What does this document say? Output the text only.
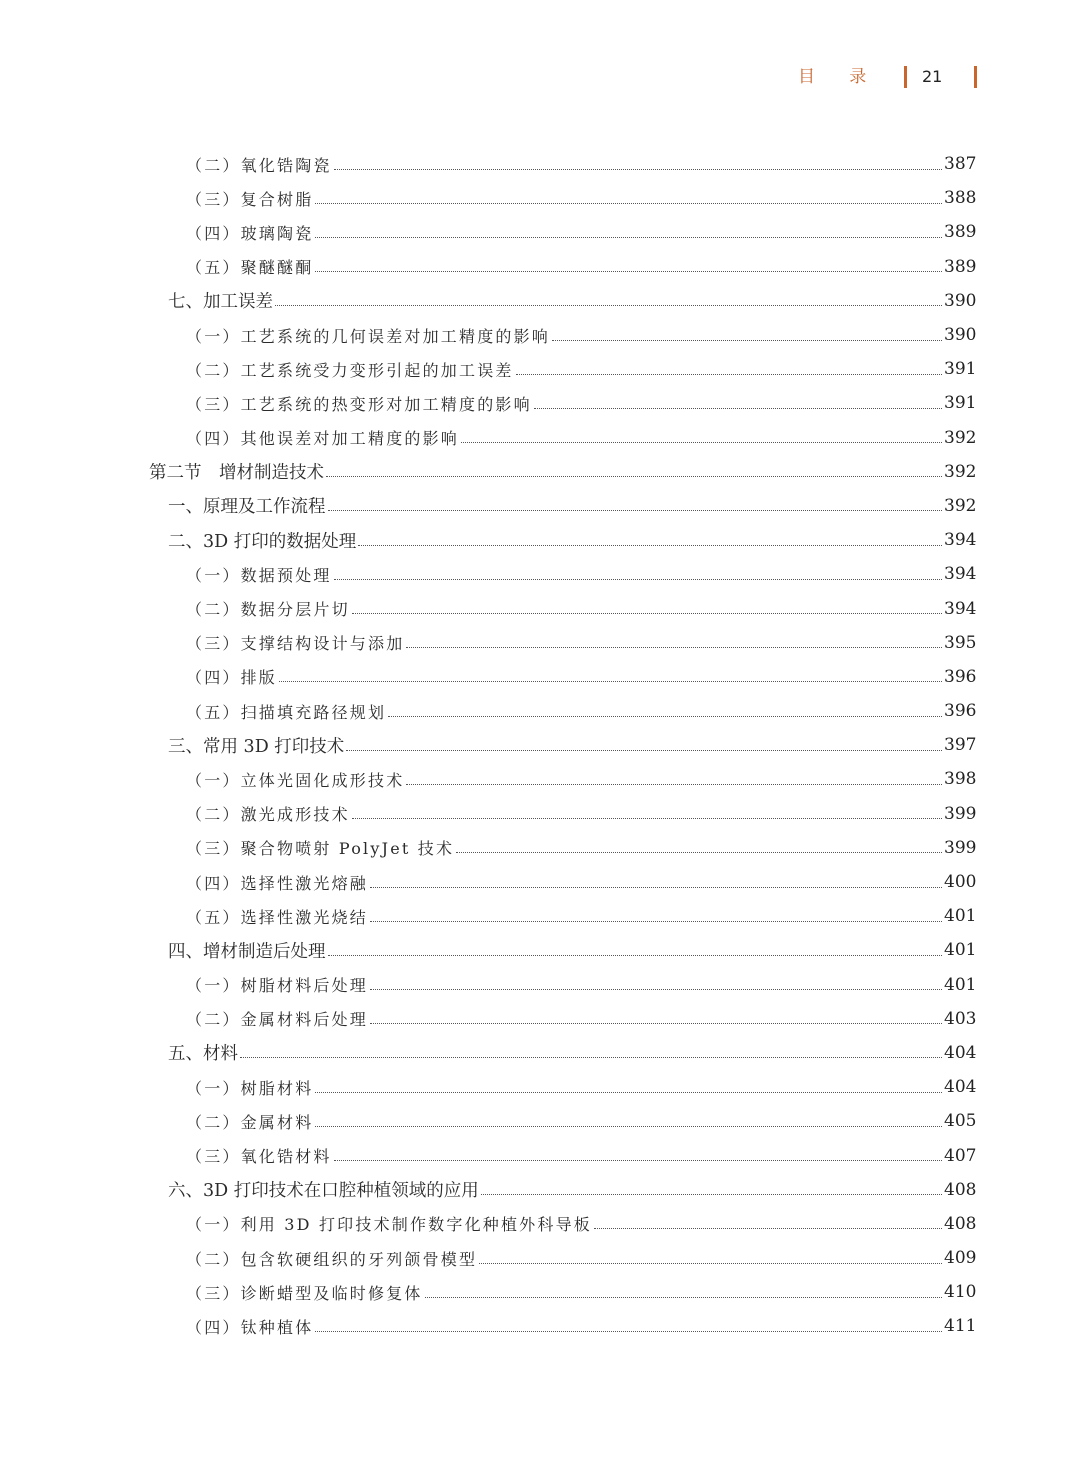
目 录	21
（二）氧化锆陶瓷	387
（三）复合树脂	388
（四）玻璃陶瓷	389
（五）聚醚醚酮	389
七、加工误差	390
（一）工艺系统的几何误差对加工精度的影响	390
（二）工艺系统受力变形引起的加工误差	391
（三）工艺系统的热变形对加工精度的影响	391
（四）其他误差对加工精度的影响	392
第二节　增材制造技术	392
一、原理及工作流程	392
二、3D 打印的数据处理	394
（一）数据预处理	394
（二）数据分层片切	394
（三）支撑结构设计与添加	395
（四）排版	396
（五）扫描填充路径规划	396
三、常用 3D 打印技术	397
（一）立体光固化成形技术	398
（二）激光成形技术	399
（三）聚合物喷射 PolyJet 技术	399
（四）选择性激光熔融	400
（五）选择性激光烧结	401
四、增材制造后处理	401
（一）树脂材料后处理	401
（二）金属材料后处理	403
五、材料	404
（一）树脂材料	404
（二）金属材料	405
（三）氧化锆材料	407
六、3D 打印技术在口腔种植领域的应用	408
（一）利用 3D 打印技术制作数字化种植外科导板	408
（二）包含软硬组织的牙列颌骨模型	409
（三）诊断蜡型及临时修复体	410
（四）钛种植体	411
